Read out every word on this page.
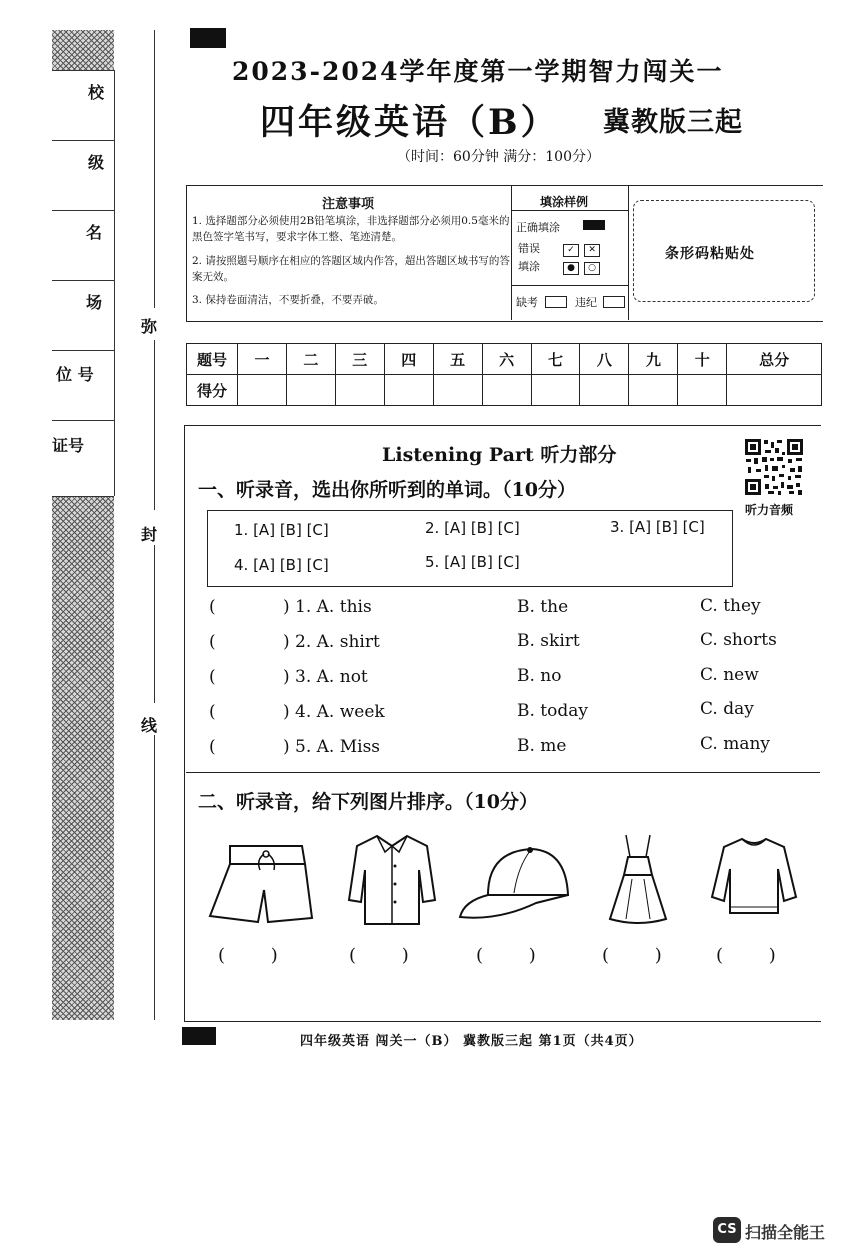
校
级
名
场
位 号
证号
弥
封
线
2023-2024学年度第一学期智力闯关一
四年级英语（B） 冀教版三起
（时间：60分钟 满分：100分）
注意事项
1. 选择题部分必须使用2B铅笔填涂，非选择题部分必须用0.5毫米的黑色签字笔书写，要求字体工整、笔迹清楚。
2. 请按照题号顺序在相应的答题区域内作答，超出答题区域书写的答案无效。
3. 保持卷面清洁，不要折叠，不要弄破。
填涂样例
正确填涂
错误
填涂
✓ ✕
● ○
缺考	违纪
条形码粘贴处
题号	一	二	三	四	五	六	七	八	九	十	总分
得分											
Listening Part 听力部分
听力音频
一、听录音，选出你所听到的单词。（10分）
1. [A] [B] [C]	2. [A] [B] [C]	3. [A] [B] [C]
4. [A] [B] [C]	5. [A] [B] [C]
(	) 1. A. this	B. the	C. they
(	) 2. A. shirt	B. skirt	C. shorts
(	) 3. A. not	B. no	C. new
(	) 4. A. week	B. today	C. day
(	) 5. A. Miss	B. me	C. many
二、听录音，给下列图片排序。（10分）
(        )	(        )	(        )	(        )	(        )
四年级英语 闯关一（B） 冀教版三起 第1页（共4页）
CS 扫描全能王
